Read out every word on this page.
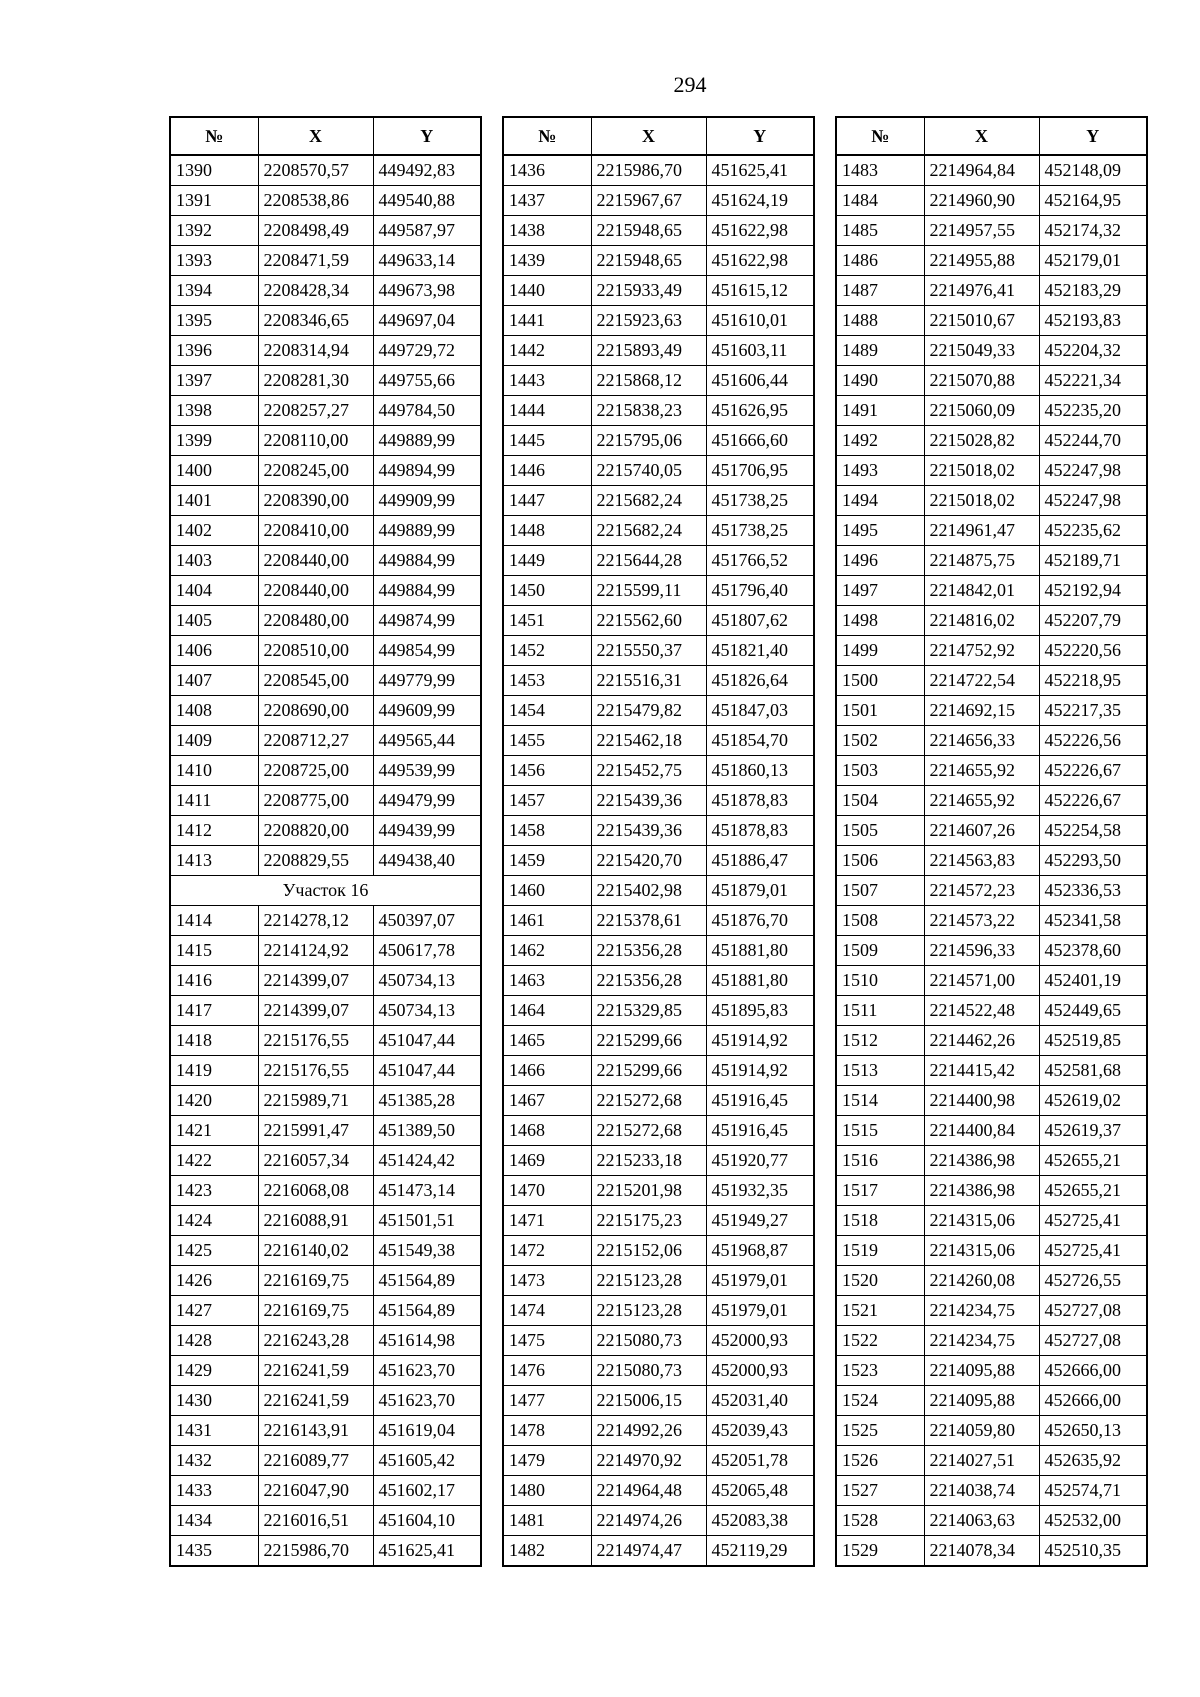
294
№	X	Y
1390	2208570,57	449492,83
1391	2208538,86	449540,88
1392	2208498,49	449587,97
1393	2208471,59	449633,14
1394	2208428,34	449673,98
1395	2208346,65	449697,04
1396	2208314,94	449729,72
1397	2208281,30	449755,66
1398	2208257,27	449784,50
1399	2208110,00	449889,99
1400	2208245,00	449894,99
1401	2208390,00	449909,99
1402	2208410,00	449889,99
1403	2208440,00	449884,99
1404	2208440,00	449884,99
1405	2208480,00	449874,99
1406	2208510,00	449854,99
1407	2208545,00	449779,99
1408	2208690,00	449609,99
1409	2208712,27	449565,44
1410	2208725,00	449539,99
1411	2208775,00	449479,99
1412	2208820,00	449439,99
1413	2208829,55	449438,40
Участок 16		
1414	2214278,12	450397,07
1415	2214124,92	450617,78
1416	2214399,07	450734,13
1417	2214399,07	450734,13
1418	2215176,55	451047,44
1419	2215176,55	451047,44
1420	2215989,71	451385,28
1421	2215991,47	451389,50
1422	2216057,34	451424,42
1423	2216068,08	451473,14
1424	2216088,91	451501,51
1425	2216140,02	451549,38
1426	2216169,75	451564,89
1427	2216169,75	451564,89
1428	2216243,28	451614,98
1429	2216241,59	451623,70
1430	2216241,59	451623,70
1431	2216143,91	451619,04
1432	2216089,77	451605,42
1433	2216047,90	451602,17
1434	2216016,51	451604,10
1435	2215986,70	451625,41
№	X	Y
1436	2215986,70	451625,41
1437	2215967,67	451624,19
1438	2215948,65	451622,98
1439	2215948,65	451622,98
1440	2215933,49	451615,12
1441	2215923,63	451610,01
1442	2215893,49	451603,11
1443	2215868,12	451606,44
1444	2215838,23	451626,95
1445	2215795,06	451666,60
1446	2215740,05	451706,95
1447	2215682,24	451738,25
1448	2215682,24	451738,25
1449	2215644,28	451766,52
1450	2215599,11	451796,40
1451	2215562,60	451807,62
1452	2215550,37	451821,40
1453	2215516,31	451826,64
1454	2215479,82	451847,03
1455	2215462,18	451854,70
1456	2215452,75	451860,13
1457	2215439,36	451878,83
1458	2215439,36	451878,83
1459	2215420,70	451886,47
1460	2215402,98	451879,01
1461	2215378,61	451876,70
1462	2215356,28	451881,80
1463	2215356,28	451881,80
1464	2215329,85	451895,83
1465	2215299,66	451914,92
1466	2215299,66	451914,92
1467	2215272,68	451916,45
1468	2215272,68	451916,45
1469	2215233,18	451920,77
1470	2215201,98	451932,35
1471	2215175,23	451949,27
1472	2215152,06	451968,87
1473	2215123,28	451979,01
1474	2215123,28	451979,01
1475	2215080,73	452000,93
1476	2215080,73	452000,93
1477	2215006,15	452031,40
1478	2214992,26	452039,43
1479	2214970,92	452051,78
1480	2214964,48	452065,48
1481	2214974,26	452083,38
1482	2214974,47	452119,29
№	X	Y
1483	2214964,84	452148,09
1484	2214960,90	452164,95
1485	2214957,55	452174,32
1486	2214955,88	452179,01
1487	2214976,41	452183,29
1488	2215010,67	452193,83
1489	2215049,33	452204,32
1490	2215070,88	452221,34
1491	2215060,09	452235,20
1492	2215028,82	452244,70
1493	2215018,02	452247,98
1494	2215018,02	452247,98
1495	2214961,47	452235,62
1496	2214875,75	452189,71
1497	2214842,01	452192,94
1498	2214816,02	452207,79
1499	2214752,92	452220,56
1500	2214722,54	452218,95
1501	2214692,15	452217,35
1502	2214656,33	452226,56
1503	2214655,92	452226,67
1504	2214655,92	452226,67
1505	2214607,26	452254,58
1506	2214563,83	452293,50
1507	2214572,23	452336,53
1508	2214573,22	452341,58
1509	2214596,33	452378,60
1510	2214571,00	452401,19
1511	2214522,48	452449,65
1512	2214462,26	452519,85
1513	2214415,42	452581,68
1514	2214400,98	452619,02
1515	2214400,84	452619,37
1516	2214386,98	452655,21
1517	2214386,98	452655,21
1518	2214315,06	452725,41
1519	2214315,06	452725,41
1520	2214260,08	452726,55
1521	2214234,75	452727,08
1522	2214234,75	452727,08
1523	2214095,88	452666,00
1524	2214095,88	452666,00
1525	2214059,80	452650,13
1526	2214027,51	452635,92
1527	2214038,74	452574,71
1528	2214063,63	452532,00
1529	2214078,34	452510,35
